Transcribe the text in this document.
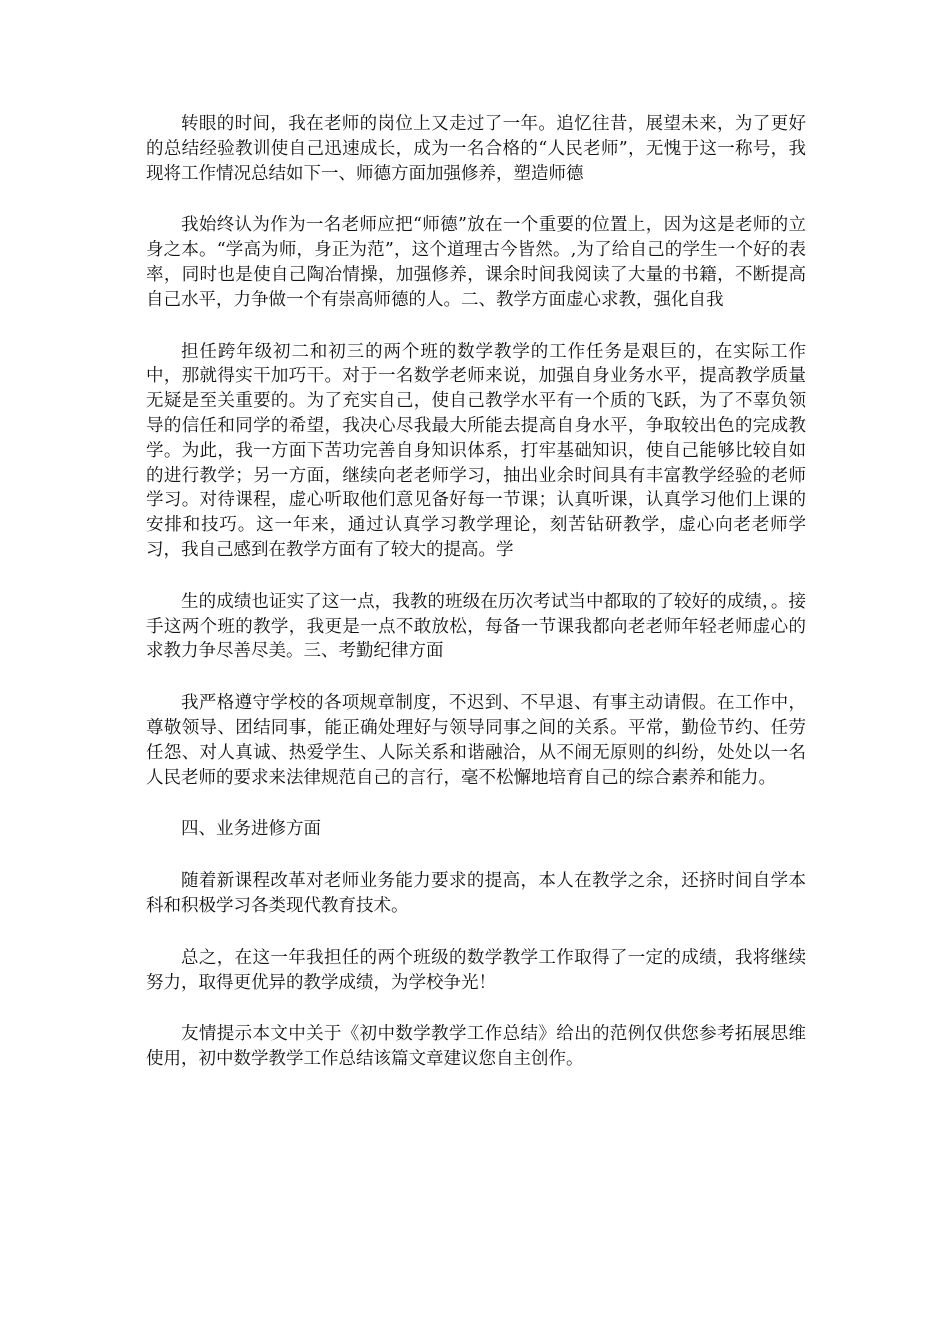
转眼的时间，我在老师的岗位上又走过了一年。追忆往昔，展望未来，为了更好的总结经验教训使自己迅速成长，成为一名合格的“人民老师”，无愧于这一称号，我现将工作情况总结如下一、师德方面加强修养，塑造师德

我始终认为作为一名老师应把“师德”放在一个重要的位置上，因为这是老师的立身之本。“学高为师，身正为范”，这个道理古今皆然。,为了给自己的学生一个好的表率，同时也是使自己陶冶情操，加强修养，课余时间我阅读了大量的书籍，不断提高自己水平，力争做一个有崇高师德的人。二、教学方面虚心求教，强化自我

担任跨年级初二和初三的两个班的数学教学的工作任务是艰巨的，在实际工作中，那就得实干加巧干。对于一名数学老师来说，加强自身业务水平，提高教学质量无疑是至关重要的。为了充实自己，使自己教学水平有一个质的飞跃，为了不辜负领导的信任和同学的希望，我决心尽我最大所能去提高自身水平，争取较出色的完成教学。为此，我一方面下苦功完善自身知识体系，打牢基础知识，使自己能够比较自如的进行教学；另一方面，继续向老老师学习，抽出业余时间具有丰富教学经验的老师学习。对待课程，虚心听取他们意见备好每一节课；认真听课，认真学习他们上课的安排和技巧。这一年来，通过认真学习教学理论，刻苦钻研教学，虚心向老老师学习，我自己感到在教学方面有了较大的提高。学

生的成绩也证实了这一点，我教的班级在历次考试当中都取的了较好的成绩，。接手这两个班的教学，我更是一点不敢放松，每备一节课我都向老老师年轻老师虚心的求教力争尽善尽美。三、考勤纪律方面

我严格遵守学校的各项规章制度，不迟到、不早退、有事主动请假。在工作中，尊敬领导、团结同事，能正确处理好与领导同事之间的关系。平常，勤俭节约、任劳任怨、对人真诚、热爱学生、人际关系和谐融洽，从不闹无原则的纠纷，处处以一名人民老师的要求来法律规范自己的言行，毫不松懈地培育自己的综合素养和能力。

四、业务进修方面

随着新课程改革对老师业务能力要求的提高，本人在教学之余，还挤时间自学本科和积极学习各类现代教育技术。

总之，在这一年我担任的两个班级的数学教学工作取得了一定的成绩，我将继续努力，取得更优异的教学成绩，为学校争光！

友情提示本文中关于《初中数学教学工作总结》给出的范例仅供您参考拓展思维使用，初中数学教学工作总结该篇文章建议您自主创作。
